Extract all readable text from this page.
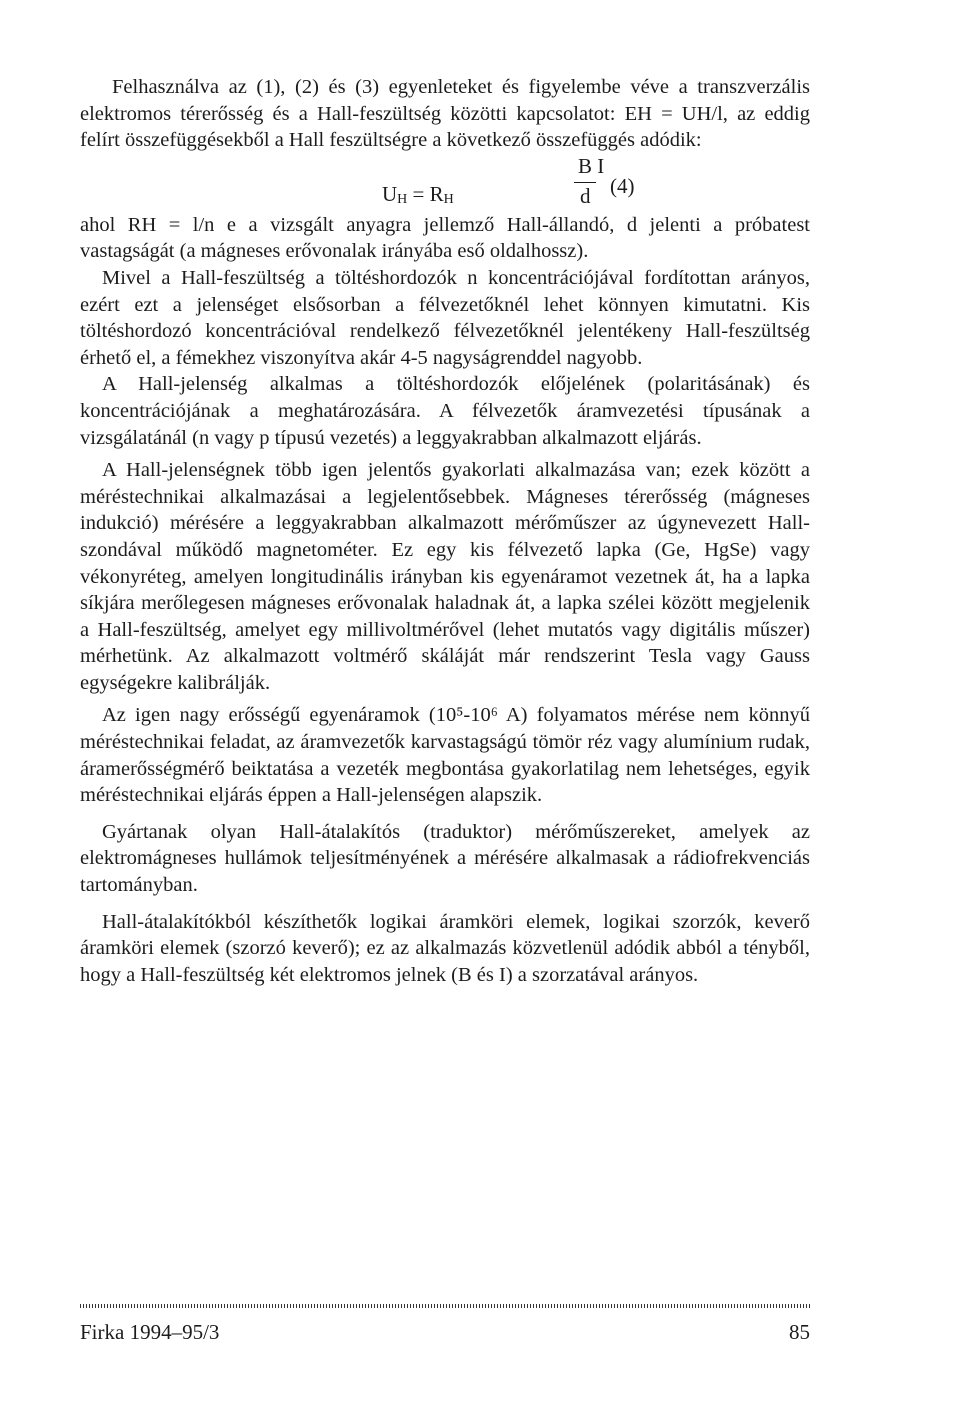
Felhasználva az (1), (2) és (3) egyenleteket és figyelembe véve a transzverzális elektromos térerősség és a Hall-feszültség közötti kapcsolatot: EH = UH/l, az eddig felírt összefüggésekből a Hall feszültségre a következő összefüggés adódik:

$U_H = R_H$
B I
d (4)

ahol RH = l/n e a vizsgált anyagra jellemző Hall-állandó, d jelenti a próbatest vastagságát (a mágneses erővonalak irányába eső oldalhossz).

Mivel a Hall-feszültség a töltéshordozók n koncentrációjával fordítottan arányos, ezért ezt a jelenséget elsősorban a félvezetőknél lehet könnyen kimutatni. Kis töltéshordozó koncentrációval rendelkező félvezetőknél jelentékeny Hall-feszültség érhető el, a fémekhez viszonyítva akár 4-5 nagyságrenddel nagyobb.

A Hall-jelenség alkalmas a töltéshordozók előjelének (polaritásának) és koncentrációjának a meghatározására. A félvezetők áramvezetési típusának a vizsgálatánál (n vagy p típusú vezetés) a leggyakrabban alkalmazott eljárás.

A Hall-jelenségnek több igen jelentős gyakorlati alkalmazása van; ezek között a méréstechnikai alkalmazásai a legjelentősebbek. Mágneses térerősség (mágneses indukció) mérésére a leggyakrabban alkalmazott mérőműszer az úgynevezett Hall-szondával működő magnetométer. Ez egy kis félvezető lapka (Ge, HgSe) vagy vékonyréteg, amelyen longitudinális irányban kis egyenáramot vezetnek át, ha a lapka síkjára merőlegesen mágneses erővonalak haladnak át, a lapka szélei között megjelenik a Hall-feszültség, amelyet egy millivoltmérővel (lehet mutatós vagy digitális műszer) mérhetünk. Az alkalmazott voltmérő skáláját már rendszerint Tesla vagy Gauss egységekre kalibrálják.

Az igen nagy erősségű egyenáramok (10⁵-10⁶ A) folyamatos mérése nem könnyű méréstechnikai feladat, az áramvezetők karvastagságú tömör réz vagy alumínium rudak, áramerősségmérő beiktatása a vezeték megbontása gyakorlatilag nem lehetséges, egyik méréstechnikai eljárás éppen a Hall-jelenségen alapszik.

Gyártanak olyan Hall-átalakítós (traduktor) mérőműszereket, amelyek az elektromágneses hullámok teljesítményének a mérésére alkalmasak a rádiofrekvenciás tartományban.

Hall-átalakítókból készíthetők logikai áramköri elemek, logikai szorzók, keverő áramköri elemek (szorzó keverő); ez az alkalmazás közvetlenül adódik abból a tényből, hogy a Hall-feszültség két elektromos jelnek (B és I) a szorzatával arányos.

Firka 1994–95/3	85
